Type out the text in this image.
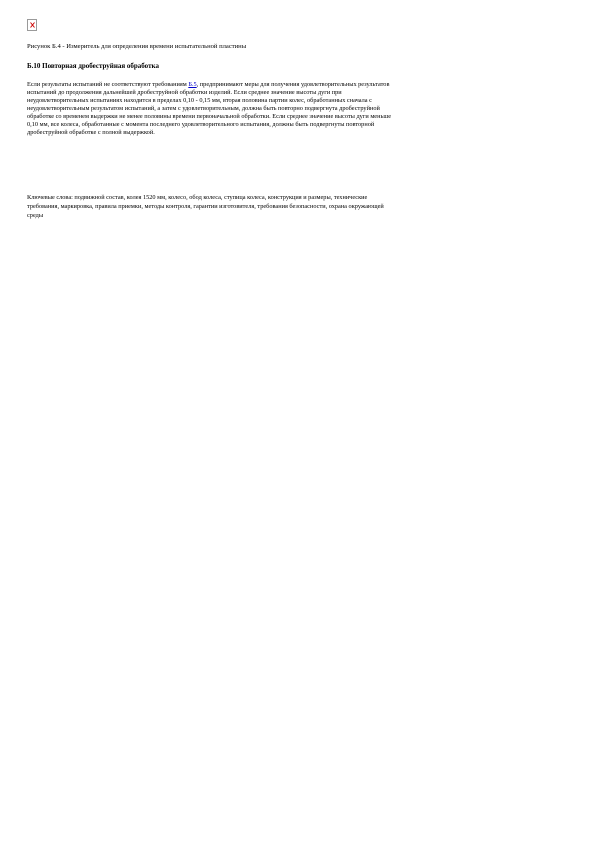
Рисунок Б.4 - Измеритель для определения времени испытательной пластины
Б.10 Повторная дробеструйная обработка
Если результаты испытаний не соответствуют требованиям Б.5, предпринимают меры для получения удовлетворительных результатов
испытаний до продолжения дальнейшей дробеструйной обработки изделий. Если среднее значение высоты дуги при
неудовлетворительных испытаниях находится в пределах 0,10 - 0,15 мм, вторая половина партии колес, обработанных сначала с
неудовлетворительным результатом испытаний, а затем с удовлетворительным, должна быть повторно подвергнута дробеструйной
обработке со временем выдержки не менее половины времени первоначальной обработки. Если среднее значение высоты дуги меньше
0,10 мм, все колеса, обработанные с момента последнего удовлетворительного испытания, должны быть подвергнуты повторной
дробеструйной обработке с полной выдержкой.
Ключевые слова: подвижной состав, колея 1520 мм, колесо, обод колеса, ступица колеса, конструкция и размеры, технические
требования, маркировка, правила приемки, методы контроля, гарантии изготовителя, требования безопасности, охрана окружающей
среды
